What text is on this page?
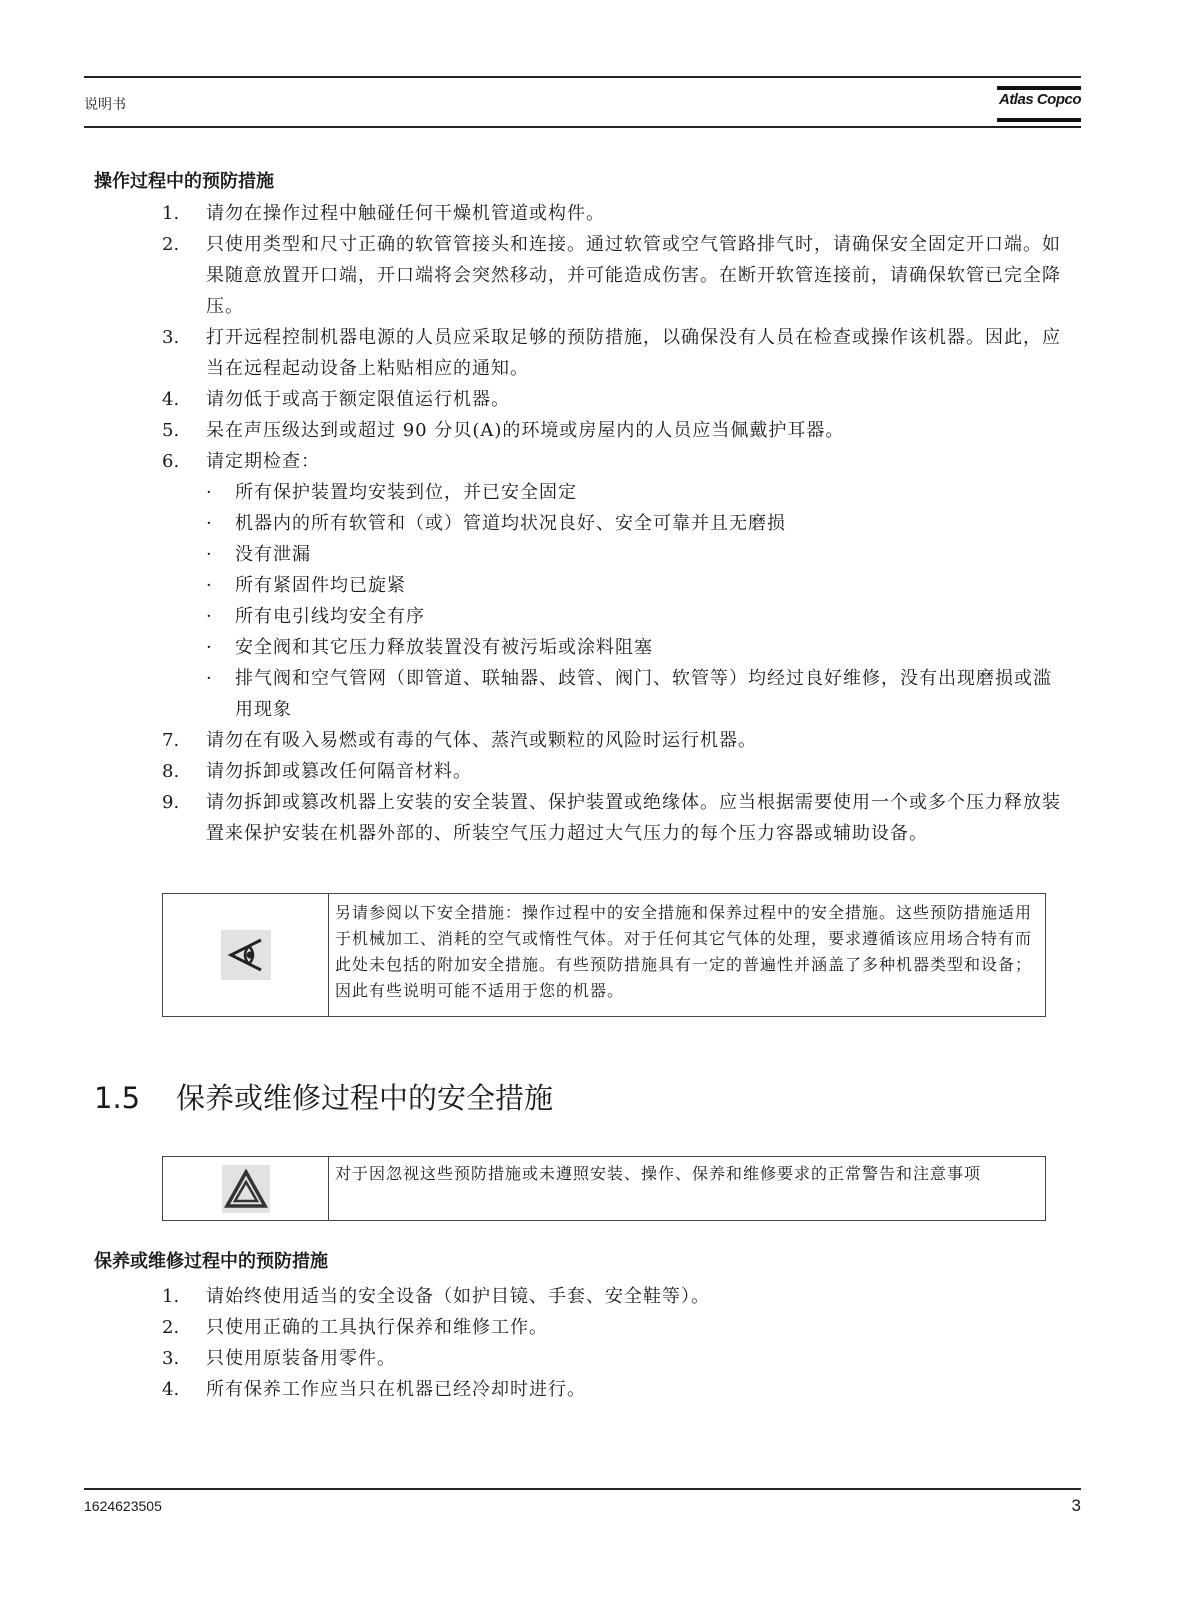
说明书	Atlas Copco
操作过程中的预防措施
1. 请勿在操作过程中触碰任何干燥机管道或构件。
2. 只使用类型和尺寸正确的软管管接头和连接。通过软管或空气管路排气时，请确保安全固定开口端。如果随意放置开口端，开口端将会突然移动，并可能造成伤害。在断开软管连接前，请确保软管已完全降压。
3. 打开远程控制机器电源的人员应采取足够的预防措施，以确保没有人员在检查或操作该机器。因此，应当在远程起动设备上粘贴相应的通知。
4. 请勿低于或高于额定限值运行机器。
5. 呆在声压级达到或超过 90 分贝(A)的环境或房屋内的人员应当佩戴护耳器。
6. 请定期检查：
· 所有保护装置均安装到位，并已安全固定
· 机器内的所有软管和（或）管道均状况良好、安全可靠并且无磨损
· 没有泄漏
· 所有紧固件均已旋紧
· 所有电引线均安全有序
· 安全阀和其它压力释放装置没有被污垢或涂料阻塞
· 排气阀和空气管网（即管道、联轴器、歧管、阀门、软管等）均经过良好维修，没有出现磨损或滥用现象
7. 请勿在有吸入易燃或有毒的气体、蒸汽或颗粒的风险时运行机器。
8. 请勿拆卸或篡改任何隔音材料。
9. 请勿拆卸或篡改机器上安装的安全装置、保护装置或绝缘体。应当根据需要使用一个或多个压力释放装置来保护安装在机器外部的、所装空气压力超过大气压力的每个压力容器或辅助设备。
另请参阅以下安全措施：操作过程中的安全措施和保养过程中的安全措施。这些预防措施适用于机械加工、消耗的空气或惰性气体。对于任何其它气体的处理，要求遵循该应用场合特有而此处未包括的附加安全措施。有些预防措施具有一定的普遍性并涵盖了多种机器类型和设备；因此有些说明可能不适用于您的机器。
1.5 保养或维修过程中的安全措施
对于因忽视这些预防措施或未遵照安装、操作、保养和维修要求的正常警告和注意事项
保养或维修过程中的预防措施
1. 请始终使用适当的安全设备（如护目镜、手套、安全鞋等）。
2. 只使用正确的工具执行保养和维修工作。
3. 只使用原装备用零件。
4. 所有保养工作应当只在机器已经冷却时进行。
1624623505	3
